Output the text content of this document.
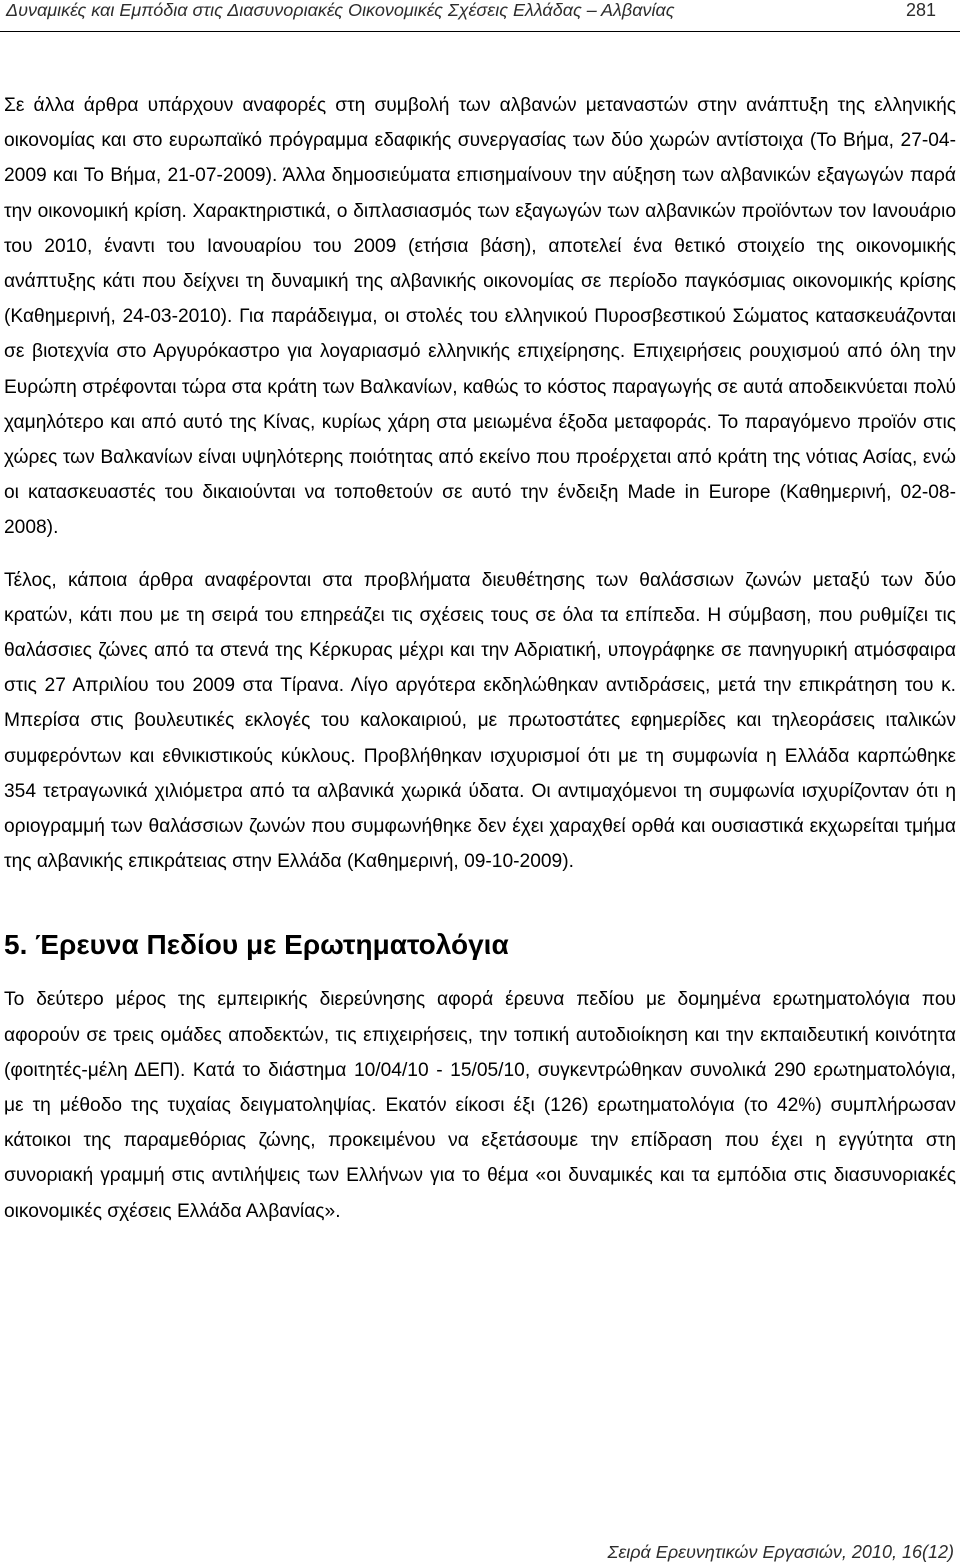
Δυναμικές και Εμπόδια στις Διασυνοριακές Οικονομικές Σχέσεις Ελλάδας – Αλβανίας	281

Σε άλλα άρθρα υπάρχουν αναφορές στη συμβολή των αλβανών μεταναστών στην ανάπτυξη της ελληνικής οικονομίας και στο ευρωπαϊκό πρόγραμμα εδαφικής συνεργασίας των δύο χωρών αντίστοιχα (Το Βήμα, 27-04-2009 και Το Βήμα, 21-07-2009). Άλλα δημοσιεύματα επισημαίνουν την αύξηση των αλβανικών εξαγωγών παρά την οικονομική κρίση. Χαρακτηριστικά, ο διπλασιασμός των εξαγωγών των αλβανικών προϊόντων τον Ιανουάριο του 2010, έναντι του Ιανουαρίου του 2009 (ετήσια βάση), αποτελεί ένα θετικό στοιχείο της οικονομικής ανάπτυξης κάτι που δείχνει τη δυναμική της αλβανικής οικονομίας σε περίοδο παγκόσμιας οικονομικής κρίσης (Καθημερινή, 24-03-2010). Για παράδειγμα, οι στολές του ελληνικού Πυροσβεστικού Σώματος κατασκευάζονται σε βιοτεχνία στο Αργυρόκαστρο για λογαριασμό ελληνικής επιχείρησης. Επιχειρήσεις ρουχισμού από όλη την Ευρώπη στρέφονται τώρα στα κράτη των Βαλκανίων, καθώς το κόστος παραγωγής σε αυτά αποδεικνύεται πολύ χαμηλότερο και από αυτό της Κίνας, κυρίως χάρη στα μειωμένα έξοδα μεταφοράς. Το παραγόμενο προϊόν στις χώρες των Βαλκανίων είναι υψηλότερης ποιότητας από εκείνο που προέρχεται από κράτη της νότιας Ασίας, ενώ οι κατασκευαστές του δικαιούνται να τοποθετούν σε αυτό την ένδειξη Made in Europe (Καθημερινή, 02-08-2008).

Τέλος, κάποια άρθρα αναφέρονται στα προβλήματα διευθέτησης των θαλάσσιων ζωνών μεταξύ των δύο κρατών, κάτι που με τη σειρά του επηρεάζει τις σχέσεις τους σε όλα τα επίπεδα. Η σύμβαση, που ρυθμίζει τις θαλάσσιες ζώνες από τα στενά της Κέρκυρας μέχρι και την Αδριατική, υπογράφηκε σε πανηγυρική ατμόσφαιρα στις 27 Απριλίου του 2009 στα Τίρανα. Λίγο αργότερα εκδηλώθηκαν αντιδράσεις, μετά την επικράτηση του κ. Μπερίσα στις βουλευτικές εκλογές του καλοκαιριού, με πρωτοστάτες εφημερίδες και τηλεοράσεις ιταλικών συμφερόντων και εθνικιστικούς κύκλους. Προβλήθηκαν ισχυρισμοί ότι με τη συμφωνία η Ελλάδα καρπώθηκε 354 τετραγωνικά χιλιόμετρα από τα αλβανικά χωρικά ύδατα. Οι αντιμαχόμενοι τη συμφωνία ισχυρίζονταν ότι η οριογραμμή των θαλάσσιων ζωνών που συμφωνήθηκε δεν έχει χαραχθεί ορθά και ουσιαστικά εκχωρείται τμήμα της αλβανικής επικράτειας στην Ελλάδα (Καθημερινή, 09-10-2009).

5. Έρευνα Πεδίου με Ερωτηματολόγια

Το δεύτερο μέρος της εμπειρικής διερεύνησης αφορά έρευνα πεδίου με δομημένα ερωτηματολόγια που αφορούν σε τρεις ομάδες αποδεκτών, τις επιχειρήσεις, την τοπική αυτοδιοίκηση και την εκπαιδευτική κοινότητα (φοιτητές-μέλη ΔΕΠ). Κατά το διάστημα 10/04/10 - 15/05/10, συγκεντρώθηκαν συνολικά 290 ερωτηματολόγια, με τη μέθοδο της τυχαίας δειγματοληψίας. Εκατόν είκοσι έξι (126) ερωτηματολόγια (το 42%) συμπλήρωσαν κάτοικοι της παραμεθόριας ζώνης, προκειμένου να εξετάσουμε την επίδραση που έχει η εγγύτητα στη συνοριακή γραμμή στις αντιλήψεις των Ελλήνων για το θέμα «οι δυναμικές και τα εμπόδια στις διασυνοριακές οικονομικές σχέσεις Ελλάδα Αλβανίας».

Σειρά Ερευνητικών Εργασιών, 2010, 16(12)
